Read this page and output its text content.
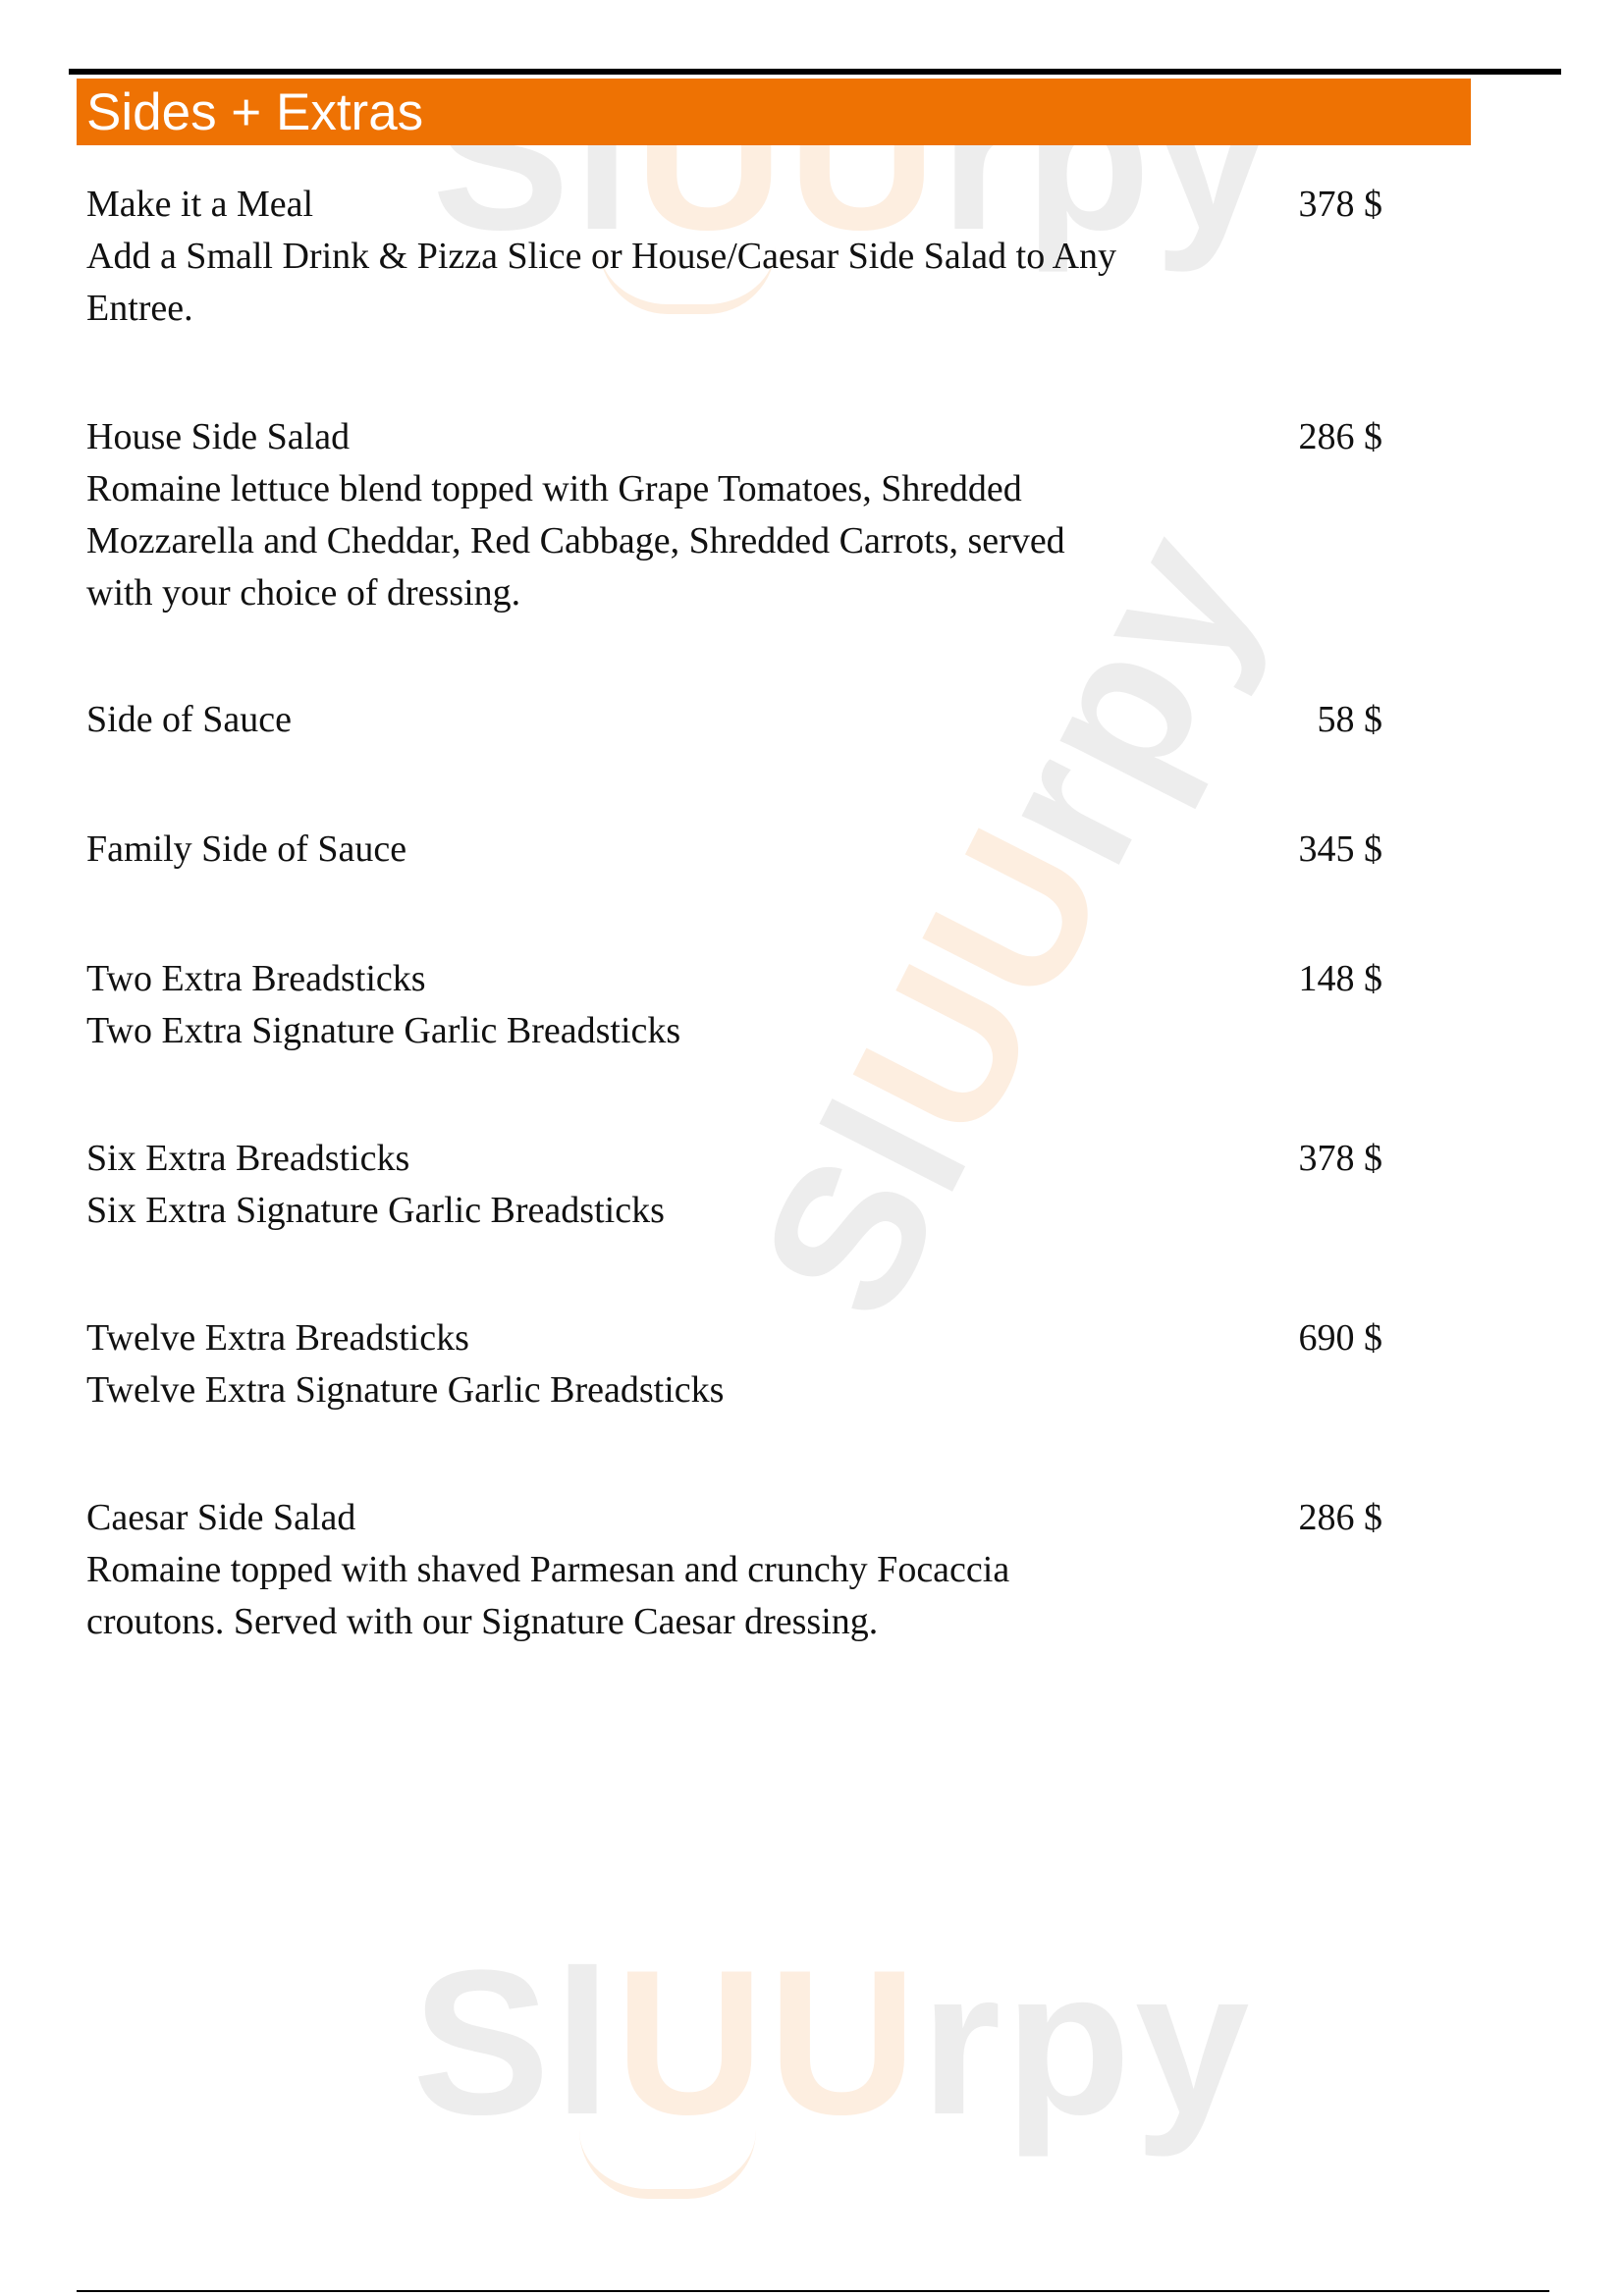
SlUUrpy
SlUUrpy
SlUUrpy
Sides + Extras
Make it a Meal
Add a Small Drink & Pizza Slice or House/Caesar Side Salad to Any
Entree.
378 $
House Side Salad
Romaine lettuce blend topped with Grape Tomatoes, Shredded
Mozzarella and Cheddar, Red Cabbage, Shredded Carrots, served
with your choice of dressing.
286 $
Side of Sauce	58 $
Family Side of Sauce	345 $
Two Extra Breadsticks
Two Extra Signature Garlic Breadsticks
148 $
Six Extra Breadsticks
Six Extra Signature Garlic Breadsticks
378 $
Twelve Extra Breadsticks
Twelve Extra Signature Garlic Breadsticks
690 $
Caesar Side Salad
Romaine topped with shaved Parmesan and crunchy Focaccia
croutons. Served with our Signature Caesar dressing.
286 $
